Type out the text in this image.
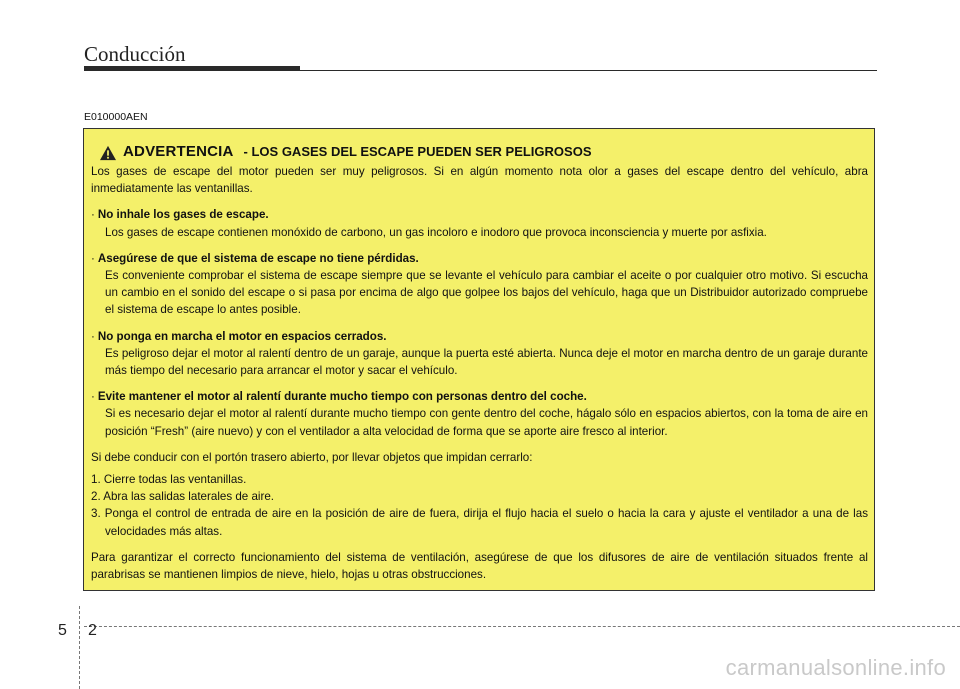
Conducción
E010000AEN
ADVERTENCIA - LOS GASES DEL ESCAPE PUEDEN SER PELIGROSOS

Los gases de escape del motor pueden ser muy peligrosos. Si en algún momento nota olor a gases del escape dentro del vehículo, abra inmediatamente las ventanillas.

· No inhale los gases de escape.

Los gases de escape contienen monóxido de carbono, un gas incoloro e inodoro que provoca inconsciencia y muerte por asfixia.

· Asegúrese de que el sistema de escape no tiene pérdidas.

Es conveniente comprobar el sistema de escape siempre que se levante el vehículo para cambiar el aceite o por cualquier otro motivo. Si escucha un cambio en el sonido del escape o si pasa por encima de algo que golpee los bajos del vehículo, haga que un Distribuidor autorizado compruebe el sistema de escape lo antes posible.

· No ponga en marcha el motor en espacios cerrados.

Es peligroso dejar el motor al ralentí dentro de un garaje, aunque la puerta esté abierta. Nunca deje el motor en marcha dentro de un garaje durante más tiempo del necesario para arrancar el motor y sacar el vehículo.

· Evite mantener el motor al ralentí durante mucho tiempo con personas dentro del coche.

Si es necesario dejar el motor al ralentí durante mucho tiempo con gente dentro del coche, hágalo sólo en espacios abiertos, con la toma de aire en posición “Fresh” (aire nuevo) y con el ventilador a alta velocidad de forma que se aporte aire fresco al interior.

Si debe conducir con el portón trasero abierto, por llevar objetos que impidan cerrarlo:

1. Cierre todas las ventanillas.

2. Abra las salidas laterales de aire.

3. Ponga el control de entrada de aire en la posición de aire de fuera, dirija el flujo hacia el suelo o hacia la cara y ajuste el ventilador a una de las velocidades más altas.

Para garantizar el correcto funcionamiento del sistema de ventilación, asegúrese de que los difusores de aire de ventilación situados frente al parabrisas se mantienen limpios de nieve, hielo, hojas u otras obstrucciones.

5 2
carmanualsonline.info
